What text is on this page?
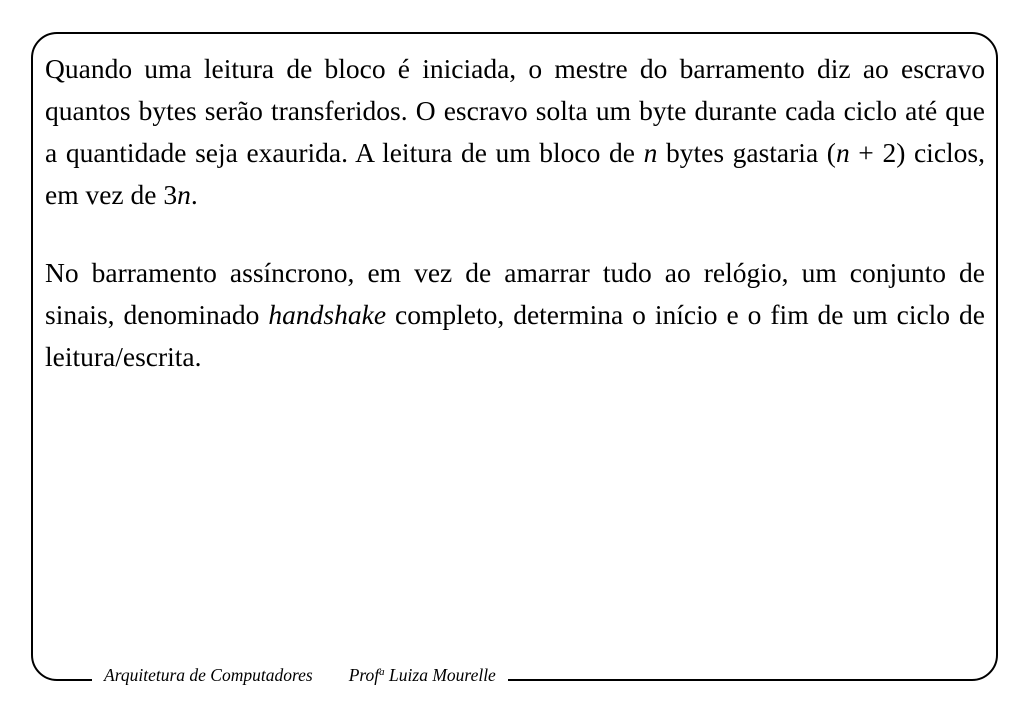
Quando uma leitura de bloco é iniciada, o mestre do barramento diz ao escravo quantos bytes serão transferidos. O escravo solta um byte durante cada ciclo até que a quantidade seja exaurida. A leitura de um bloco de n bytes gastaria (n + 2) ciclos, em vez de 3n.

No barramento assíncrono, em vez de amarrar tudo ao relógio, um conjunto de sinais, denominado handshake completo, determina o início e o fim de um ciclo de leitura/escrita.

Arquitetura de Computadores Prof$^a$ Luiza Mourelle
